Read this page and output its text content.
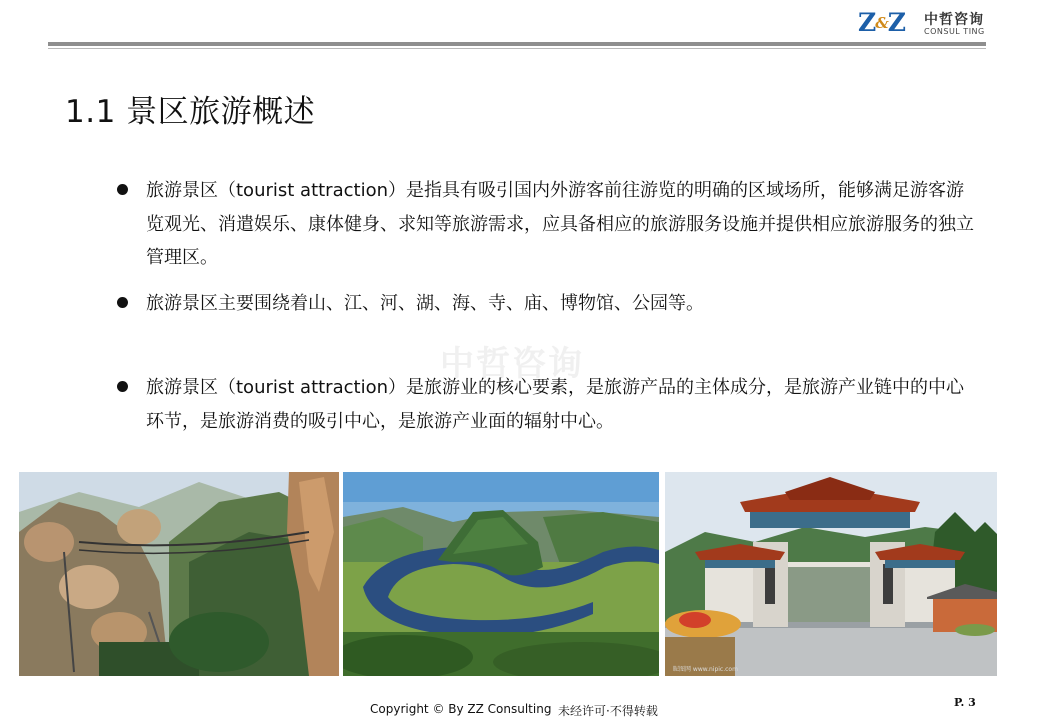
Z&Z 中哲咨询
CONSUL TING
1.1 景区旅游概述
中哲咨询
旅游景区（tourist attraction）是指具有吸引国内外游客前往游览的明确的区域场所，能够满足游客游览观光、消遣娱乐、康体健身、求知等旅游需求，应具备相应的旅游服务设施并提供相应旅游服务的独立管理区。
旅游景区主要围绕着山、江、河、湖、海、寺、庙、博物馆、公园等。
旅游景区（tourist attraction）是旅游业的核心要素，是旅游产品的主体成分，是旅游产业链中的中心环节，是旅游消费的吸引中心，是旅游产业面的辐射中心。
昵图网 www.nipic.com
Copyright © By ZZ Consulting 未经许可·不得转载
P. 3
